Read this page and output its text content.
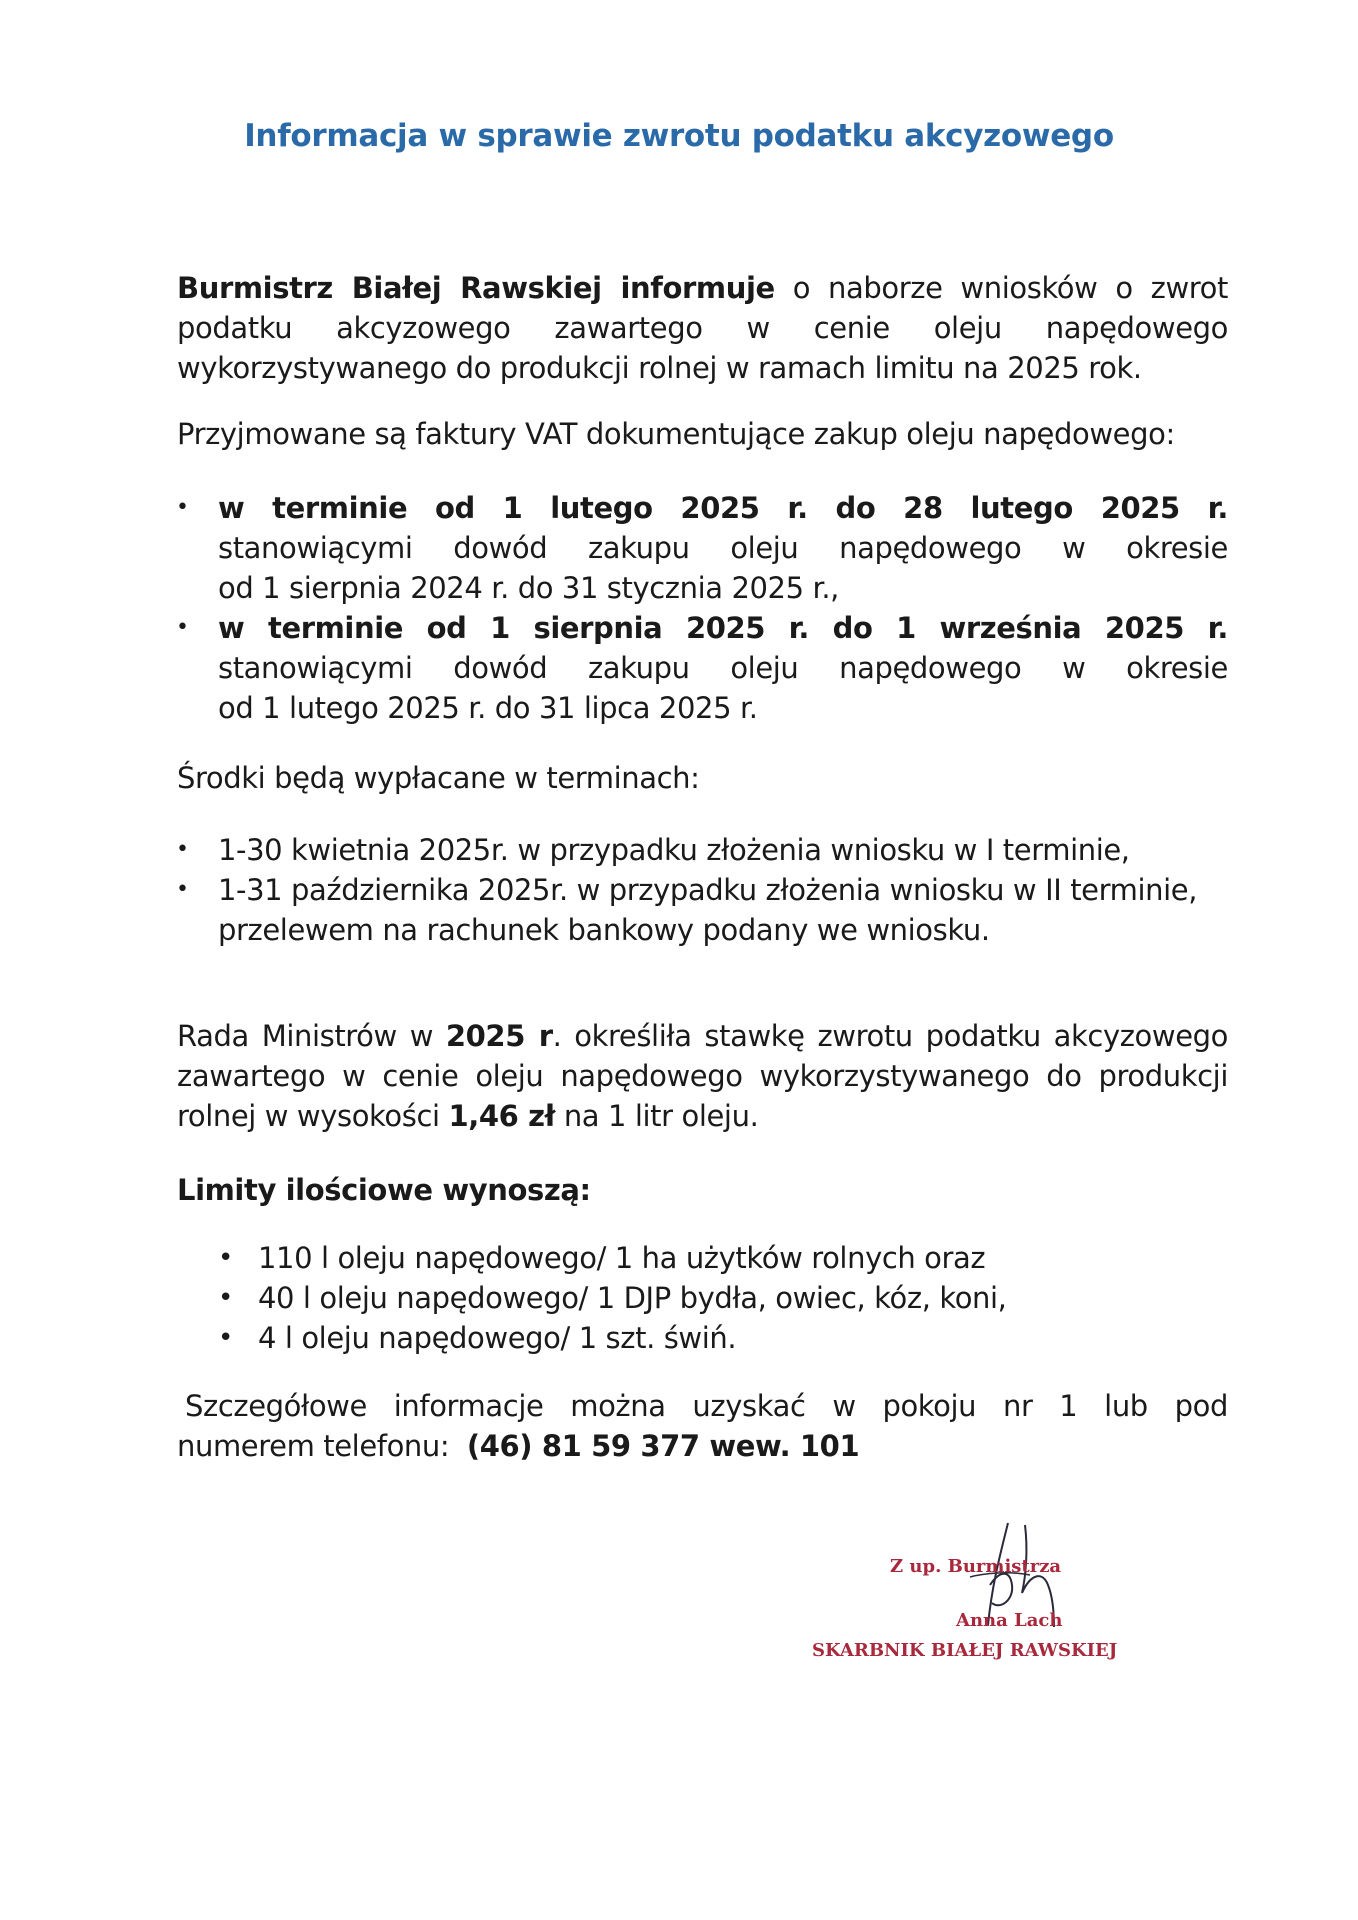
Informacja w sprawie zwrotu podatku akcyzowego
Burmistrz Białej Rawskiej informuje o naborze wniosków o zwrot
podatku akcyzowego zawartego w cenie oleju napędowego
wykorzystywanego do produkcji rolnej w ramach limitu na 2025 rok.
Przyjmowane są faktury VAT dokumentujące zakup oleju napędowego:
• w terminie od 1 lutego 2025 r. do 28 lutego 2025 r.
stanowiącymi dowód zakupu oleju napędowego w okresie
od 1 sierpnia 2024 r. do 31 stycznia 2025 r.,
• w terminie od 1 sierpnia 2025 r. do 1 września 2025 r.
stanowiącymi dowód zakupu oleju napędowego w okresie
od 1 lutego 2025 r. do 31 lipca 2025 r.
Środki będą wypłacane w terminach:
• 1-30 kwietnia 2025r. w przypadku złożenia wniosku w I terminie,
• 1-31 października 2025r. w przypadku złożenia wniosku w II terminie,
przelewem na rachunek bankowy podany we wniosku.
Rada Ministrów w 2025 r. określiła stawkę zwrotu podatku akcyzowego
zawartego w cenie oleju napędowego wykorzystywanego do produkcji
rolnej w wysokości 1,46 zł na 1 litr oleju.
Limity ilościowe wynoszą:
• 110 l oleju napędowego/ 1 ha użytków rolnych oraz
• 40 l oleju napędowego/ 1 DJP bydła, owiec, kóz, koni,
• 4 l oleju napędowego/ 1 szt. świń.
Szczegółowe informacje można uzyskać w pokoju nr 1 lub pod
numerem telefonu: (46) 81 59 377 wew. 101
Z up. Burmistrza
Anna Lach
SKARBNIK BIAŁEJ RAWSKIEJ
